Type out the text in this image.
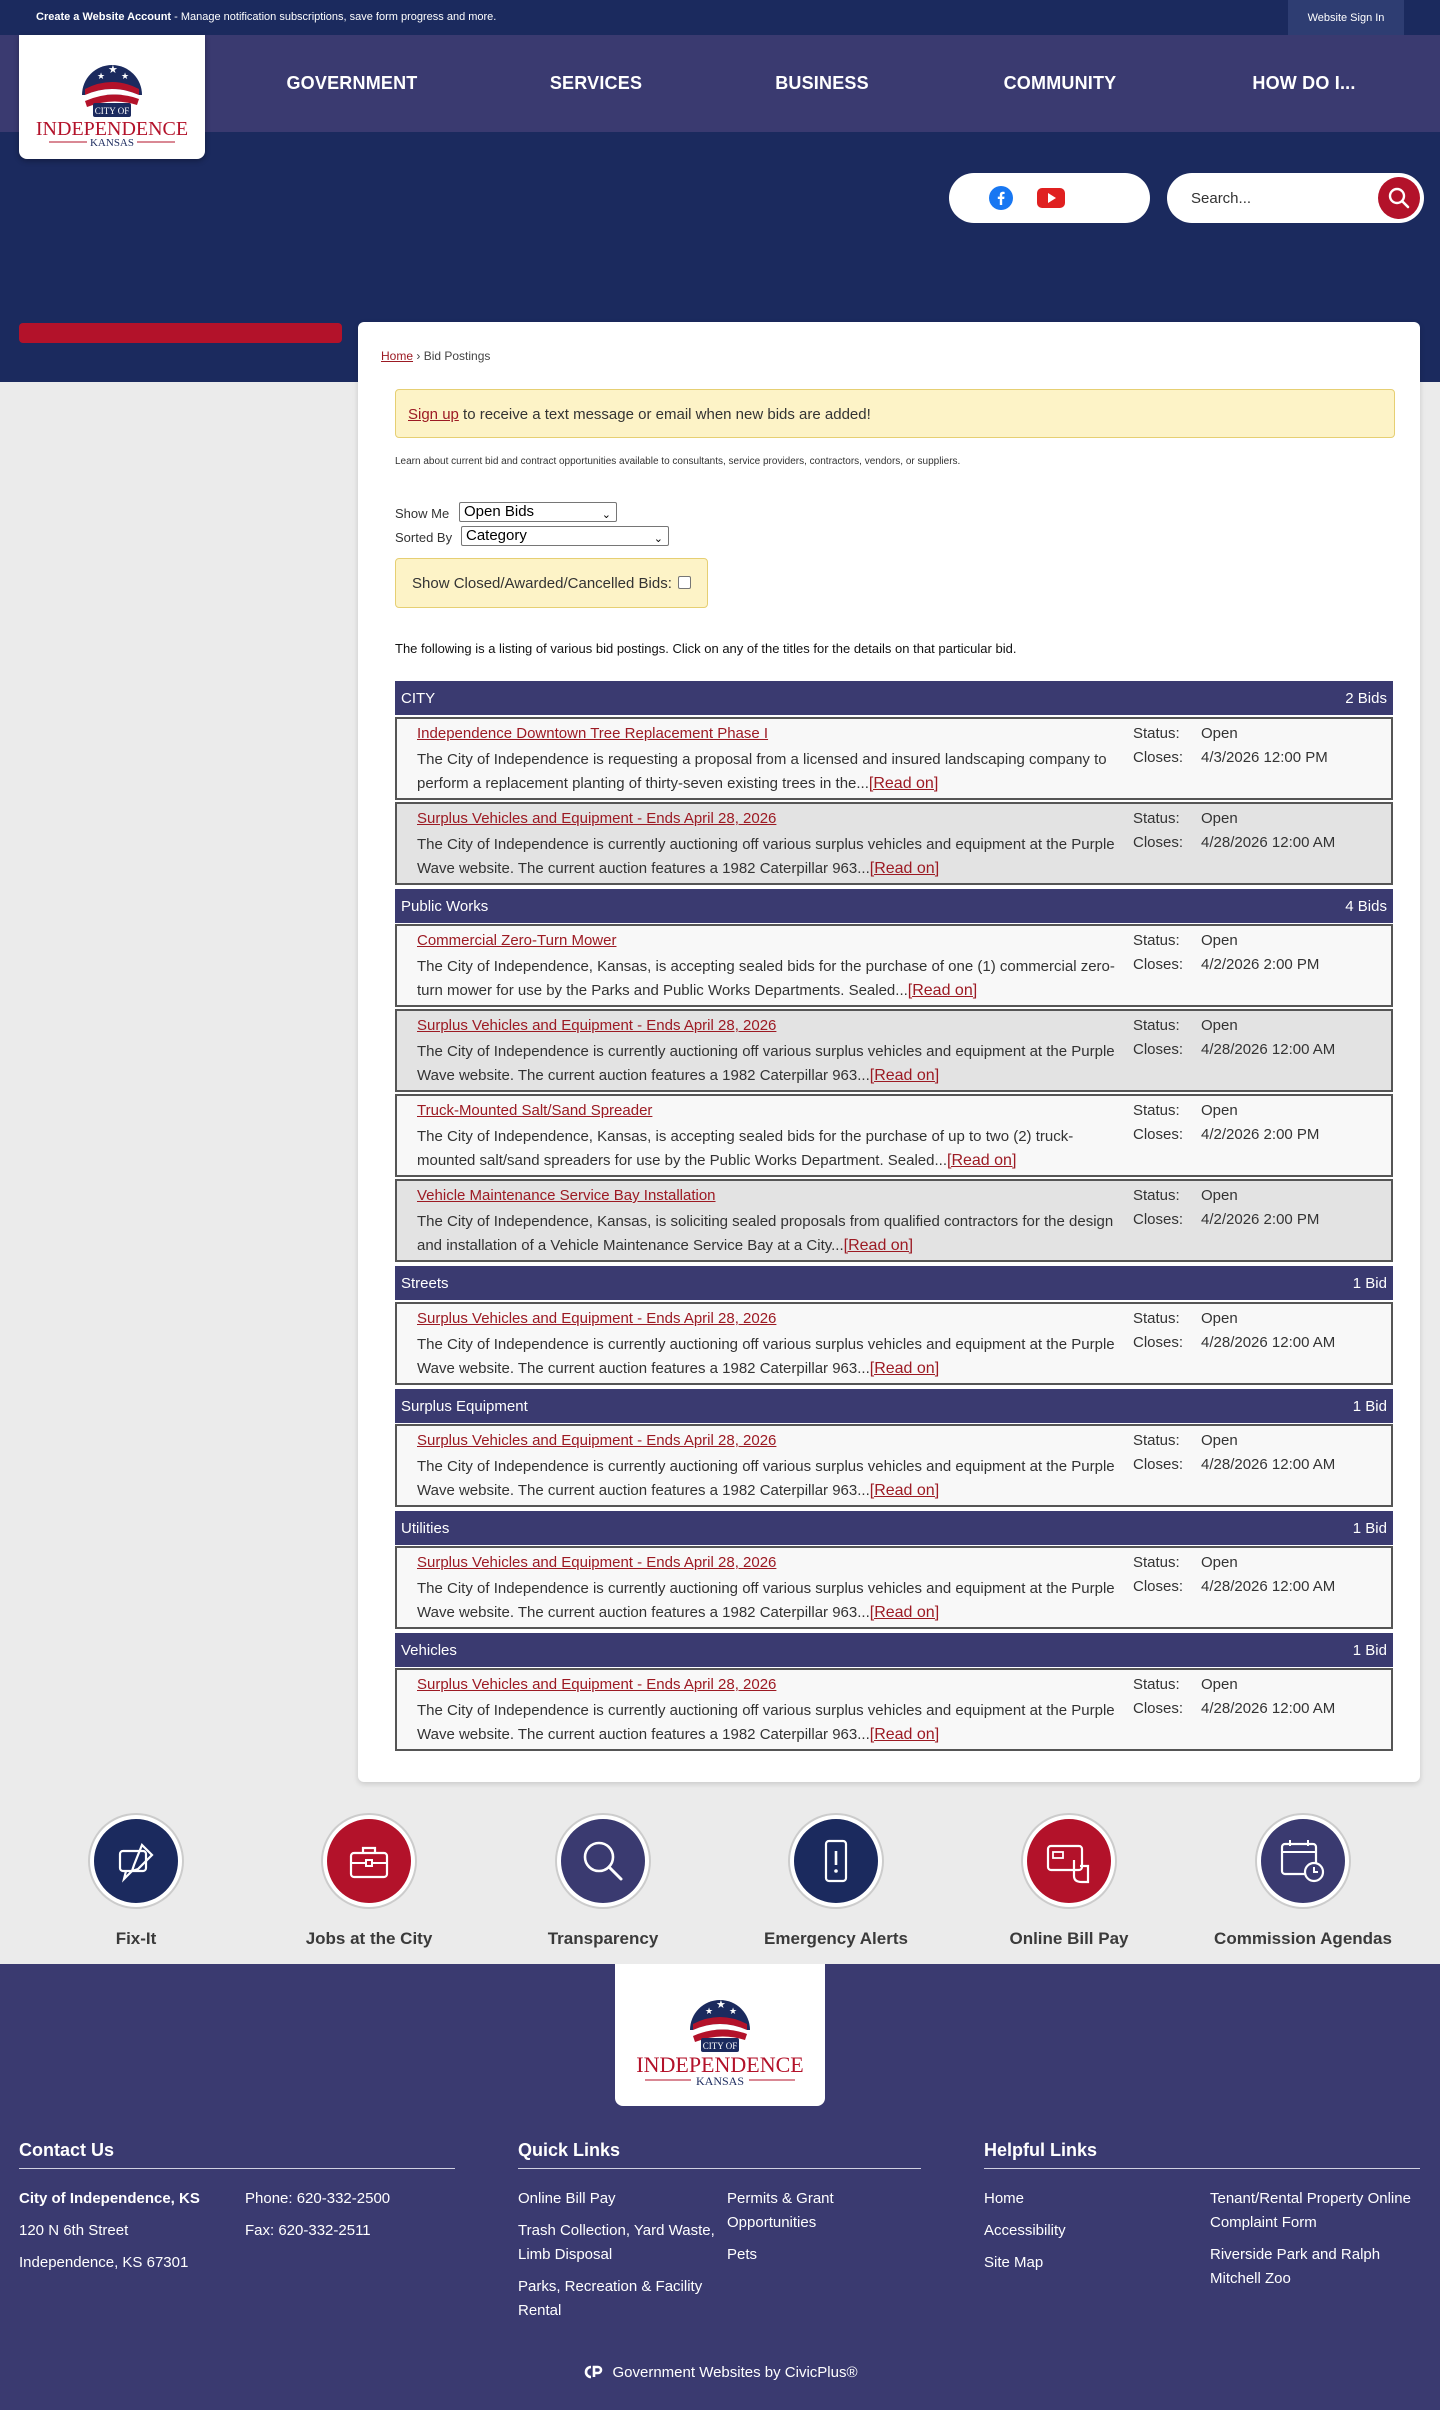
Create a Website Account - Manage notification subscriptions, save form progress and more.	Website Sign In
★ ★ ★
CITY OF
INDEPENDENCE
KANSAS
GOVERNMENT	SERVICES	BUSINESS	COMMUNITY	HOW DO I...
Search...
Home › Bid Postings
Sign up to receive a text message or email when new bids are added!
Learn about current bid and contract opportunities available to consultants, service providers, contractors, vendors, or suppliers.
Show Me Open Bids	⌄
Sorted By Category	⌄
Show Closed/Awarded/Cancelled Bids:
The following is a listing of various bid postings. Click on any of the titles for the details on that particular bid.
CITY	2 Bids
Independence Downtown Tree Replacement Phase I
The City of Independence is requesting a proposal from a licensed and insured landscaping company to perform a replacement planting of thirty-seven existing trees in the...[Read on]
Status: Open
Closes: 4/3/2026 12:00 PM
Surplus Vehicles and Equipment - Ends April 28, 2026
The City of Independence is currently auctioning off various surplus vehicles and equipment at the Purple Wave website. The current auction features a 1982 Caterpillar 963...[Read on]
Status: Open
Closes: 4/28/2026 12:00 AM
Public Works	4 Bids
Commercial Zero-Turn Mower
The City of Independence, Kansas, is accepting sealed bids for the purchase of one (1) commercial zero-turn mower for use by the Parks and Public Works Departments. Sealed...[Read on]
Status: Open
Closes: 4/2/2026 2:00 PM
Surplus Vehicles and Equipment - Ends April 28, 2026
The City of Independence is currently auctioning off various surplus vehicles and equipment at the Purple Wave website. The current auction features a 1982 Caterpillar 963...[Read on]
Status: Open
Closes: 4/28/2026 12:00 AM
Truck-Mounted Salt/Sand Spreader
The City of Independence, Kansas, is accepting sealed bids for the purchase of up to two (2) truck-mounted salt/sand spreaders for use by the Public Works Department. Sealed...[Read on]
Status: Open
Closes: 4/2/2026 2:00 PM
Vehicle Maintenance Service Bay Installation
The City of Independence, Kansas, is soliciting sealed proposals from qualified contractors for the design and installation of a Vehicle Maintenance Service Bay at a City...[Read on]
Status: Open
Closes: 4/2/2026 2:00 PM
Streets	1 Bid
Surplus Vehicles and Equipment - Ends April 28, 2026
The City of Independence is currently auctioning off various surplus vehicles and equipment at the Purple Wave website. The current auction features a 1982 Caterpillar 963...[Read on]
Status: Open
Closes: 4/28/2026 12:00 AM
Surplus Equipment	1 Bid
Surplus Vehicles and Equipment - Ends April 28, 2026
The City of Independence is currently auctioning off various surplus vehicles and equipment at the Purple Wave website. The current auction features a 1982 Caterpillar 963...[Read on]
Status: Open
Closes: 4/28/2026 12:00 AM
Utilities	1 Bid
Surplus Vehicles and Equipment - Ends April 28, 2026
The City of Independence is currently auctioning off various surplus vehicles and equipment at the Purple Wave website. The current auction features a 1982 Caterpillar 963...[Read on]
Status: Open
Closes: 4/28/2026 12:00 AM
Vehicles	1 Bid
Surplus Vehicles and Equipment - Ends April 28, 2026
The City of Independence is currently auctioning off various surplus vehicles and equipment at the Purple Wave website. The current auction features a 1982 Caterpillar 963...[Read on]
Status: Open
Closes: 4/28/2026 12:00 AM
Fix-It	Jobs at the City	Transparency	Emergency Alerts	Online Bill Pay	Commission Agendas
★ ★ ★
CITY OF
INDEPENDENCE
KANSAS
Contact Us
City of Independence, KS
120 N 6th Street
Independence, KS 67301
Phone: 620-332-2500
Fax: 620-332-2511
Quick Links
Online Bill Pay
Trash Collection, Yard Waste, Limb Disposal
Parks, Recreation & Facility Rental
Permits & Grant Opportunities
Pets
Helpful Links
Home
Accessibility
Site Map
Tenant/Rental Property Online Complaint Form
Riverside Park and Ralph Mitchell Zoo
Government Websites by CivicPlus®
